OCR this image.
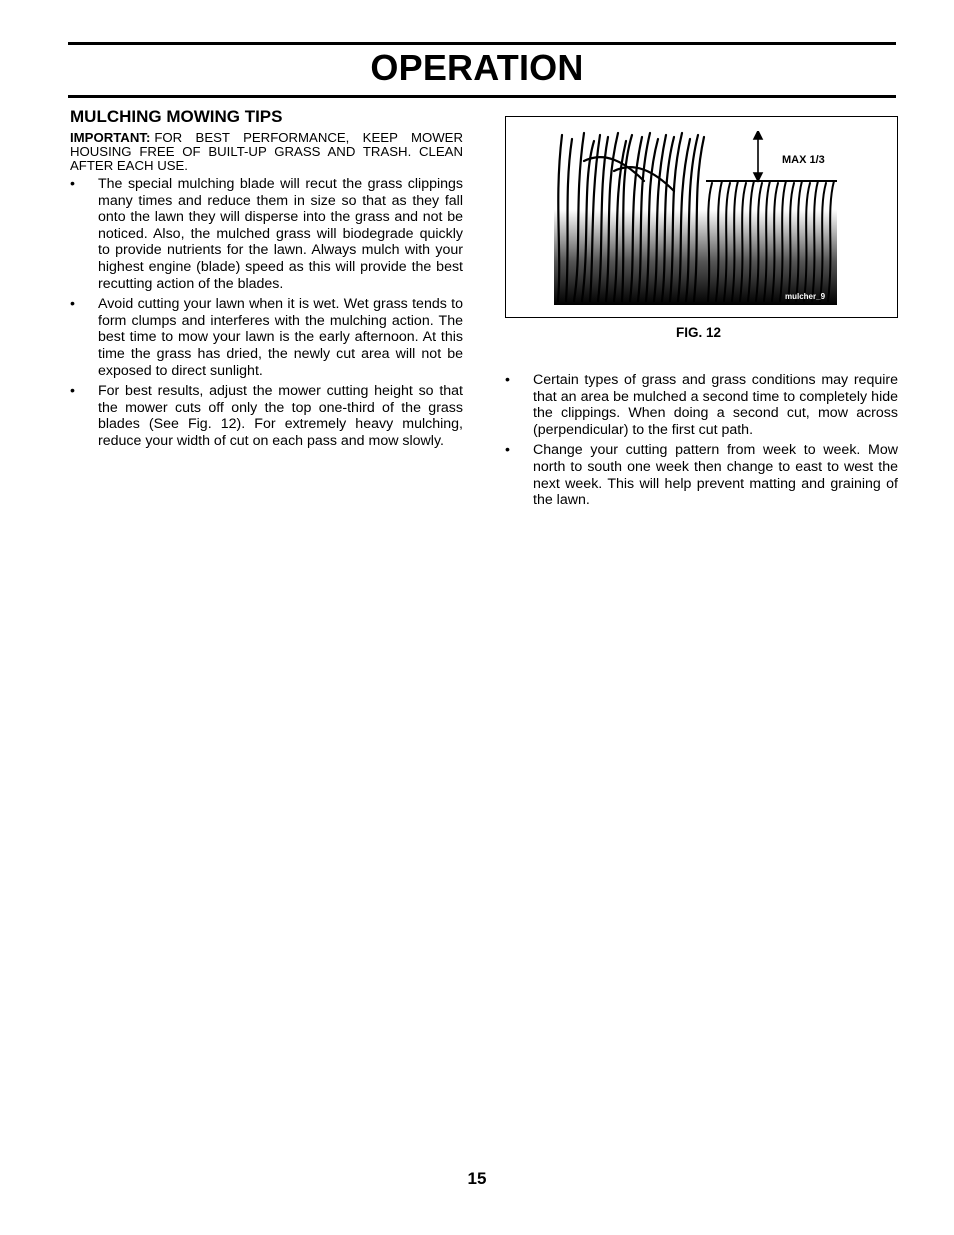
OPERATION
MULCHING MOWING TIPS
IMPORTANT: FOR BEST PERFORMANCE, KEEP MOWER HOUSING FREE OF BUILT-UP GRASS AND TRASH. CLEAN AFTER EACH USE.
• The special mulching blade will recut the grass clippings many times and reduce them in size so that as they fall onto the lawn they will disperse into the grass and not be noticed. Also, the mulched grass will biodegrade quickly to provide nutrients for the lawn. Always mulch with your highest engine (blade) speed as this will provide the best recutting action of the blades.
• Avoid cutting your lawn when it is wet. Wet grass tends to form clumps and interferes with the mulching action. The best time to mow your lawn is the early afternoon. At this time the grass has dried, the newly cut area will not be exposed to direct sunlight.
• For best results, adjust the mower cutting height so that the mower cuts off only the top one-third of the grass blades (See Fig. 12). For extremely heavy mulching, reduce your width of cut on each pass and mow slowly.
MAX 1/3
mulcher_9
FIG. 12
• Certain types of grass and grass conditions may require that an area be mulched a second time to completely hide the clippings. When doing a second cut, mow across (perpendicular) to the first cut path.
• Change your cutting pattern from week to week. Mow north to south one week then change to east to west the next week. This will help prevent matting and graining of the lawn.
15
